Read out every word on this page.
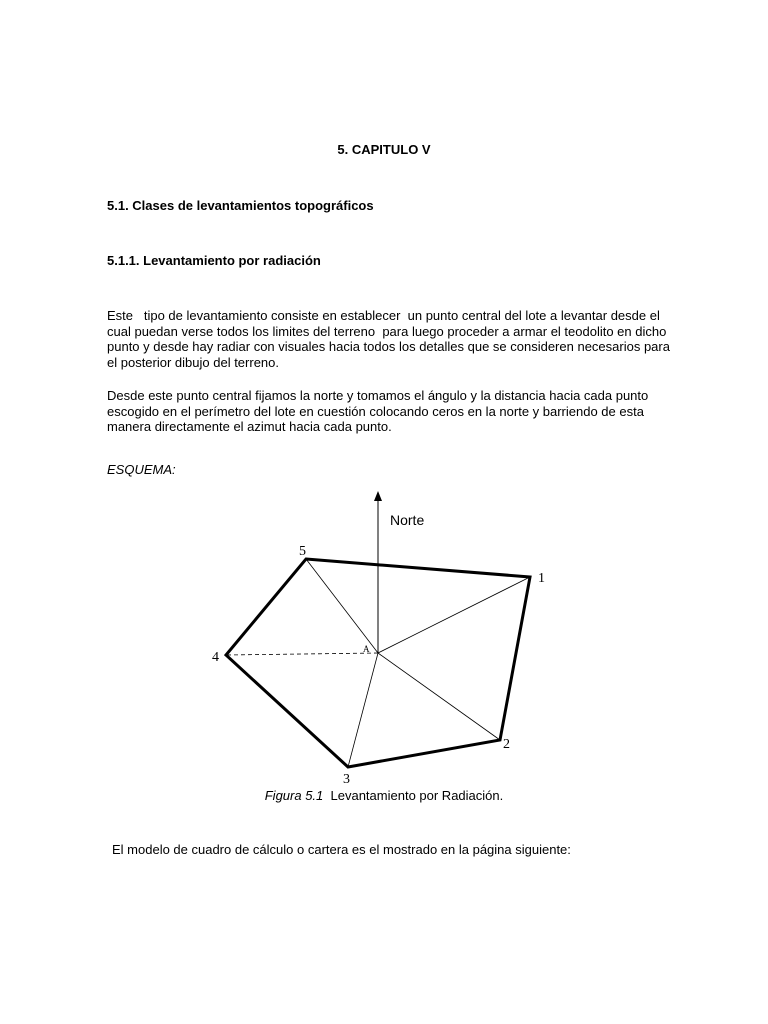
5. CAPITULO V
5.1. Clases de levantamientos topográficos
5.1.1. Levantamiento por radiación
Este   tipo de levantamiento consiste en establecer  un punto central del lote a levantar desde el
cual puedan verse todos los limites del terreno  para luego proceder a armar el teodolito en dicho
punto y desde hay radiar con visuales hacia todos los detalles que se consideren necesarios para
el posterior dibujo del terreno.
Desde este punto central fijamos la norte y tomamos el ángulo y la distancia hacia cada punto
escogido en el perímetro del lote en cuestión colocando ceros en la norte y barriendo de esta
manera directamente el azimut hacia cada punto.
ESQUEMA:
Norte
A
1
2
3
4
5
Figura 5.1 Levantamiento por Radiación.
El modelo de cuadro de cálculo o cartera es el mostrado en la página siguiente:
